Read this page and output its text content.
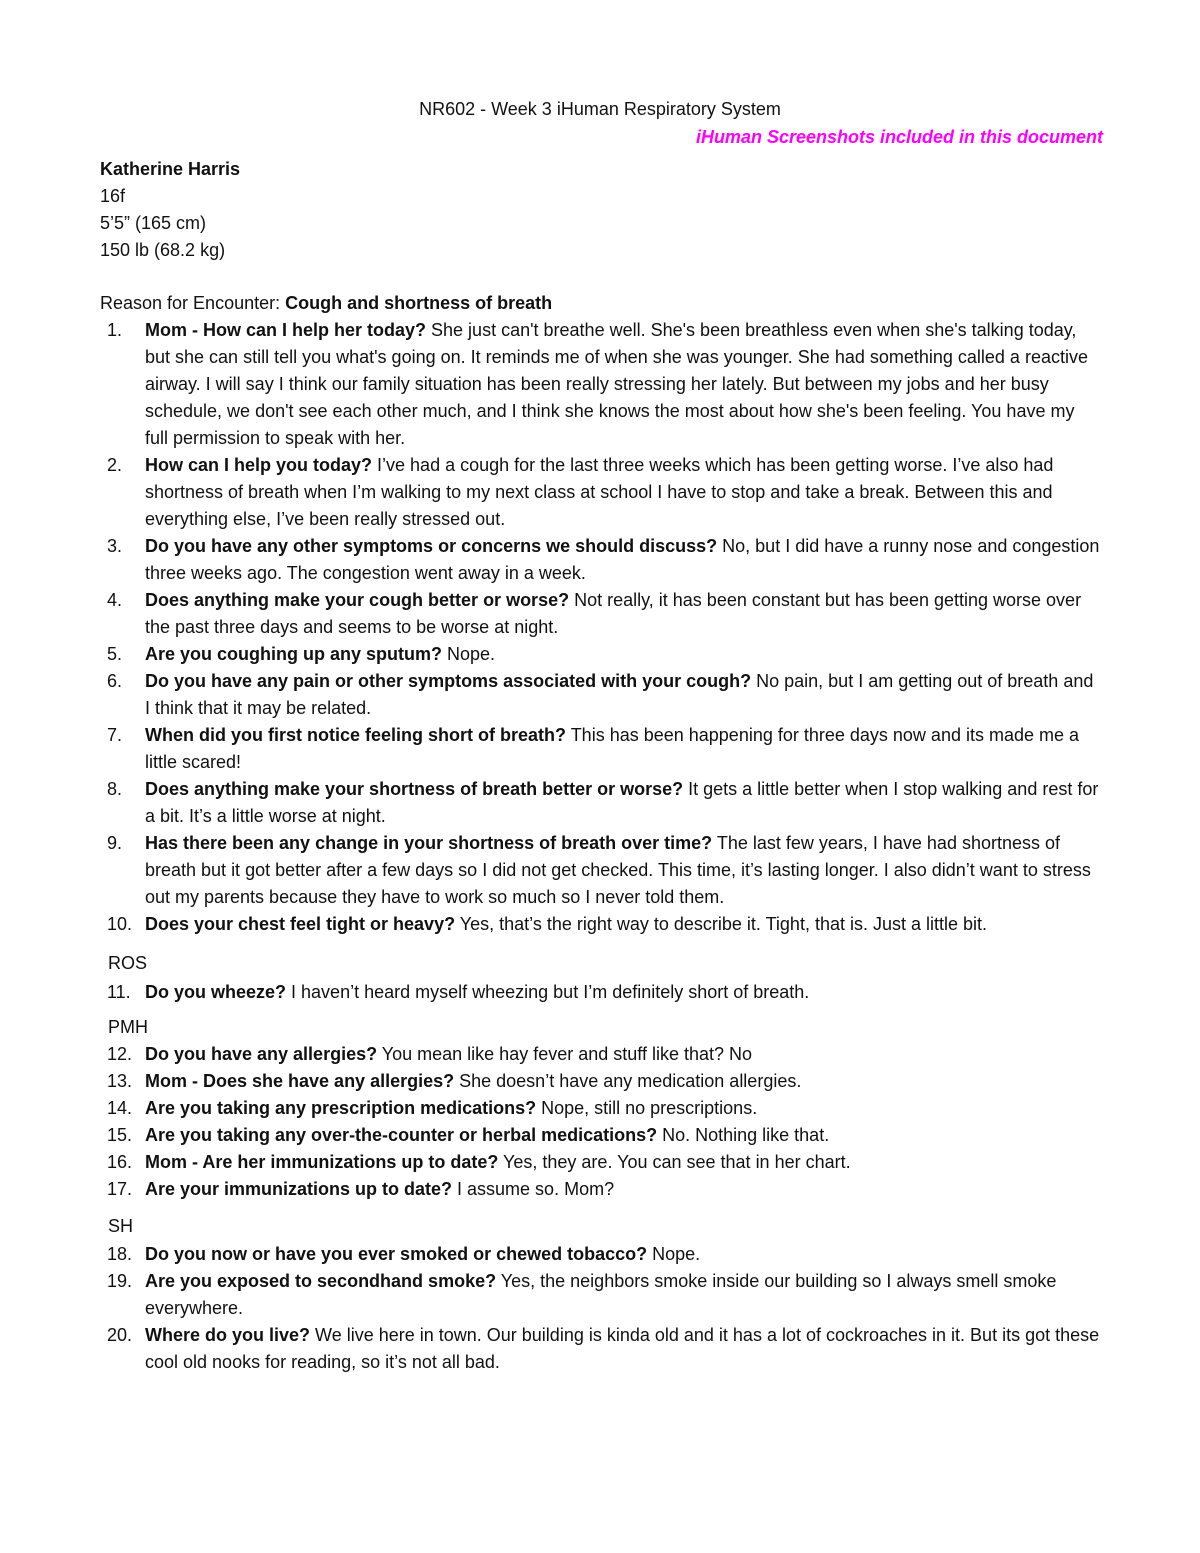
NR602 - Week 3 iHuman Respiratory System

iHuman Screenshots included in this document

Katherine Harris
16f
5’5” (165 cm)
150 lb (68.2 kg)

Reason for Encounter: Cough and shortness of breath

1.	Mom - How can I help her today? She just can't breathe well. She's been breathless even when she's talking today, but she can still tell you what's going on. It reminds me of when she was younger. She had something called a reactive airway. I will say I think our family situation has been really stressing her lately. But between my jobs and her busy schedule, we don't see each other much, and I think she knows the most about how she's been feeling. You have my full permission to speak with her.
2.	How can I help you today? I’ve had a cough for the last three weeks which has been getting worse. I’ve also had shortness of breath when I’m walking to my next class at school I have to stop and take a break. Between this and everything else, I’ve been really stressed out.
3.	Do you have any other symptoms or concerns we should discuss? No, but I did have a runny nose and congestion three weeks ago. The congestion went away in a week.
4.	Does anything make your cough better or worse? Not really, it has been constant but has been getting worse over the past three days and seems to be worse at night.
5.	Are you coughing up any sputum? Nope.
6.	Do you have any pain or other symptoms associated with your cough? No pain, but I am getting out of breath and I think that it may be related.
7.	When did you first notice feeling short of breath? This has been happening for three days now and its made me a little scared!
8.	Does anything make your shortness of breath better or worse? It gets a little better when I stop walking and rest for a bit. It’s a little worse at night.
9.	Has there been any change in your shortness of breath over time? The last few years, I have had shortness of breath but it got better after a few days so I did not get checked. This time, it’s lasting longer. I also didn’t want to stress out my parents because they have to work so much so I never told them.
10. Does your chest feel tight or heavy? Yes, that’s the right way to describe it. Tight, that is. Just a little bit.

ROS

11. Do you wheeze? I haven’t heard myself wheezing but I’m definitely short of breath.

PMH

12. Do you have any allergies? You mean like hay fever and stuff like that? No
13. Mom - Does she have any allergies? She doesn’t have any medication allergies.
14. Are you taking any prescription medications? Nope, still no prescriptions.
15. Are you taking any over-the-counter or herbal medications? No. Nothing like that.
16. Mom - Are her immunizations up to date? Yes, they are. You can see that in her chart.
17. Are your immunizations up to date? I assume so. Mom?

SH

18. Do you now or have you ever smoked or chewed tobacco? Nope.
19. Are you exposed to secondhand smoke? Yes, the neighbors smoke inside our building so I always smell smoke everywhere.
20. Where do you live? We live here in town. Our building is kinda old and it has a lot of cockroaches in it. But its got these cool old nooks for reading, so it’s not all bad.
